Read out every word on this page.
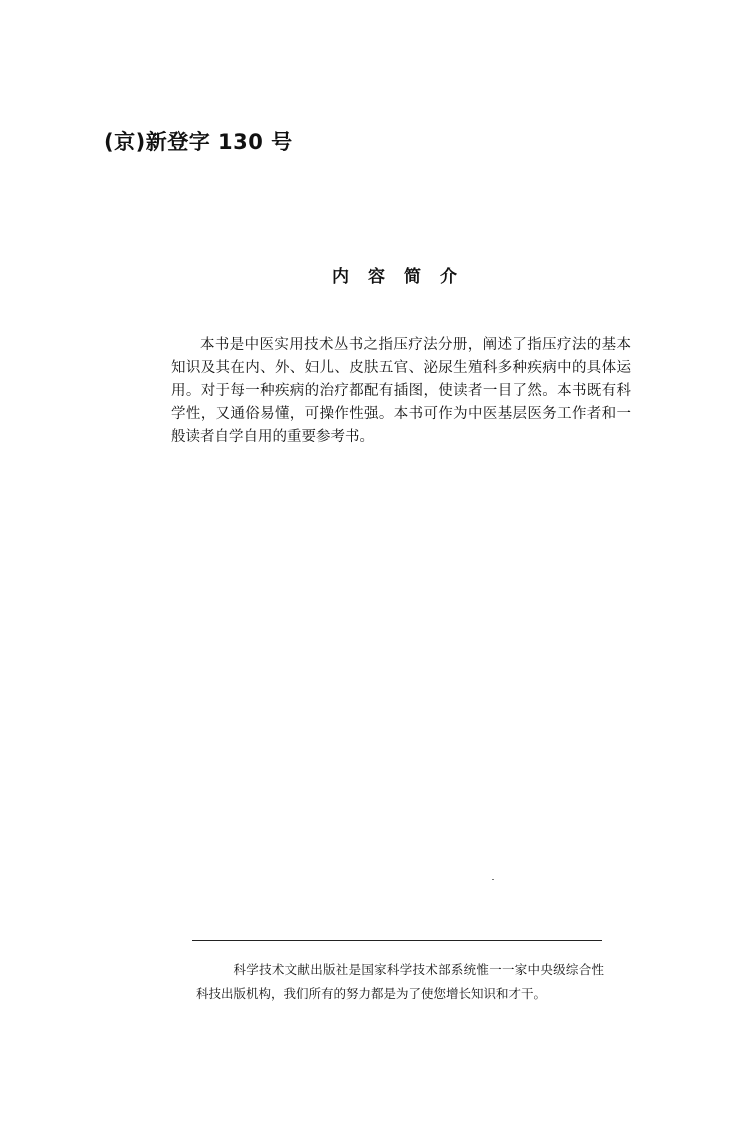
(京)新登字 130 号
内容简介

本书是中医实用技术丛书之指压疗法分册，阐述了指压疗法的基本知识及其在内、外、妇儿、皮肤五官、泌尿生殖科多种疾病中的具体运用。对于每一种疾病的治疗都配有插图，使读者一目了然。本书既有科学性，又通俗易懂，可操作性强。本书可作为中医基层医务工作者和一般读者自学自用的重要参考书。

科学技术文献出版社是国家科学技术部系统惟一一家中央级综合性科技出版机构，我们所有的努力都是为了使您增长知识和才干。
